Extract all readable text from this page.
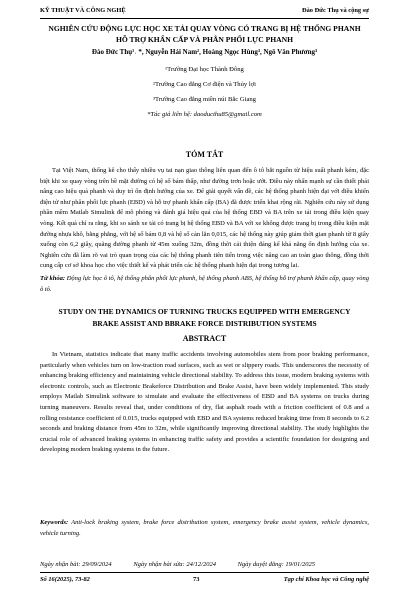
KỸ THUẬT VÀ CÔNG NGHỆ	Đào Đức Thụ và cộng sự
NGHIÊN CỨU ĐỘNG LỰC HỌC XE TẢI QUAY VÒNG CÓ TRANG BỊ HỆ THỐNG PHANH HỖ TRỢ KHẨN CẤP VÀ PHÂN PHỐI LỰC PHANH
Đào Đức Thụ¹˒ *, Nguyễn Hải Nam², Hoàng Ngọc Hùng³, Ngô Văn Phương³
¹Trường Đại học Thành Đông
²Trường Cao đẳng Cơ điện và Thủy lợi
³Trường Cao đẳng miền núi Bắc Giang
*Tác giả liên hệ: daoducthu85@gmail.com
TÓM TẮT

Tại Việt Nam, thống kê cho thấy nhiều vụ tai nạn giao thông liên quan đến ô tô bắt nguồn từ hiệu suất phanh kém, đặc biệt khi xe quay vòng trên bề mặt đường có hệ số bám thấp, như đường trơn hoặc ướt. Điều này nhấn mạnh sự cần thiết phải nâng cao hiệu quả phanh và duy trì ổn định hướng của xe. Để giải quyết vấn đề, các hệ thống phanh hiện đại với điều khiển điện tử như phân phối lực phanh (EBD) và hỗ trợ phanh khẩn cấp (BA) đã được triển khai rộng rãi. Nghiên cứu này sử dụng phần mềm Matlab Simulink để mô phỏng và đánh giá hiệu quả của hệ thống EBD và BA trên xe tải trong điều kiện quay vòng. Kết quả chỉ ra rằng, khi so sánh xe tải có trang bị hệ thống EBD và BA với xe không được trang bị trong điều kiện mặt đường nhựa khô, bằng phẳng, với hệ số bám 0,8 và hệ số cản lăn 0,015, các hệ thống này giúp giảm thời gian phanh từ 8 giây xuống còn 6,2 giây, quãng đường phanh từ 45m xuống 32m, đồng thời cải thiện đáng kể khả năng ổn định hướng của xe. Nghiên cứu đã làm rõ vai trò quan trọng của các hệ thống phanh tiên tiến trong việc nâng cao an toàn giao thông, đồng thời cung cấp cơ sở khoa học cho việc thiết kế và phát triển các hệ thống phanh hiện đại trong tương lai.

Từ khóa: Động lực học ô tô, hệ thống phân phối lực phanh, hệ thống phanh ABS, hệ thống hỗ trợ phanh khẩn cấp, quay vòng ô tô.

STUDY ON THE DYNAMICS OF TURNING TRUCKS EQUIPPED WITH EMERGENCY BRAKE ASSIST AND BBRAKE FORCE DISTRIBUTION SYSTEMS
ABSTRACT

In Vietnam, statistics indicate that many traffic accidents involving automobiles stem from poor braking performance, particularly when vehicles turn on low-traction road surfaces, such as wet or slippery roads. This underscores the necessity of enhancing braking efficiency and maintaining vehicle directional stability. To address this issue, modern braking systems with electronic controls, such as Electronic Brakeforce Distribution and Brake Assist, have been widely implemented. This study employs Matlab Simulink software to simulate and evaluate the effectiveness of EBD and BA systems on trucks during turning maneuvers. Results reveal that, under conditions of dry, flat asphalt roads with a friction coefficient of 0.8 and a rolling resistance coefficient of 0.015, trucks equipped with EBD and BA systems reduced braking time from 8 seconds to 6.2 seconds and braking distance from 45m to 32m, while significantly improving directional stability. The study highlights the crucial role of advanced braking systems in enhancing traffic safety and provides a scientific foundation for designing and developing modern braking systems in the future.

Keywords: Anti-lock braking system, brake force distribution system, emergency brake assist system, vehicle dynamics, vehicle turning.

Ngày nhận bài: 29/09/2024	Ngày nhận bài sửa: 24/12/2024	Ngày duyệt đăng: 19/01/2025
Số 16(2025), 73-82	73	Tạp chí Khoa học và Công nghệ
